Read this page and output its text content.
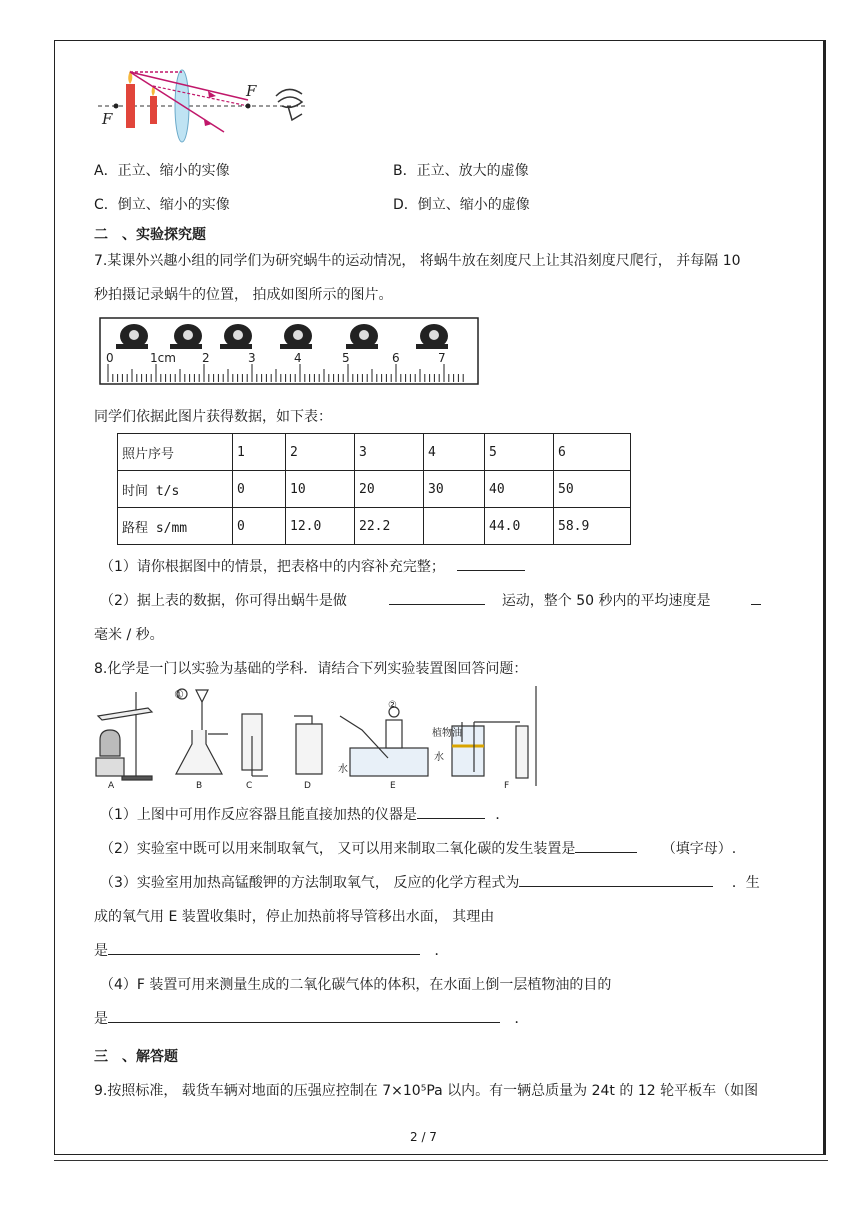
F
F
A．正立、缩小的实像	B．正立、放大的虚像
C．倒立、缩小的实像	D．倒立、缩小的虚像
二　、实验探究题
7.某课外兴趣小组的同学们为研究蜗牛的运动情况， 将蜗牛放在刻度尺上让其沿刻度尺爬行， 并每隔 10
秒拍摄记录蜗牛的位置， 拍成如图所示的图片。
0	1cm 2	3	4	5	6	7
同学们依据此图片获得数据，如下表：
照片序号	1	2	3	4	5	6
时间 t/s	0	10	20	30	40	50
路程 s/mm	0	12.0	22.2		44.0	58.9
（1）请你根据图中的情景，把表格中的内容补充完整；
（2）据上表的数据，你可得出蜗牛是做	运动，整个 50 秒内的平均速度是
毫米 / 秒。
8.化学是一门以实验为基础的学科．请结合下列实验装置图回答问题：
A	B	C	D	E	F
①
②
水
植物油
水
（1）上图中可用作反应容器且能直接加热的仪器是	．
（2）实验室中既可以用来制取氧气， 又可以用来制取二氧化碳的发生装置是	（填字母）.
（3）实验室用加热高锰酸钾的方法制取氧气， 反应的化学方程式为	．生
成的氧气用 E 装置收集时，停止加热前将导管移出水面， 其理由
是	．
（4）F 装置可用来测量生成的二氧化碳气体的体积，在水面上倒一层植物油的目的
是	．
三　、解答题
9.按照标准， 载货车辆对地面的压强应控制在 7×10⁵Pa 以内。有一辆总质量为 24t 的 12 轮平板车（如图
2 / 7
